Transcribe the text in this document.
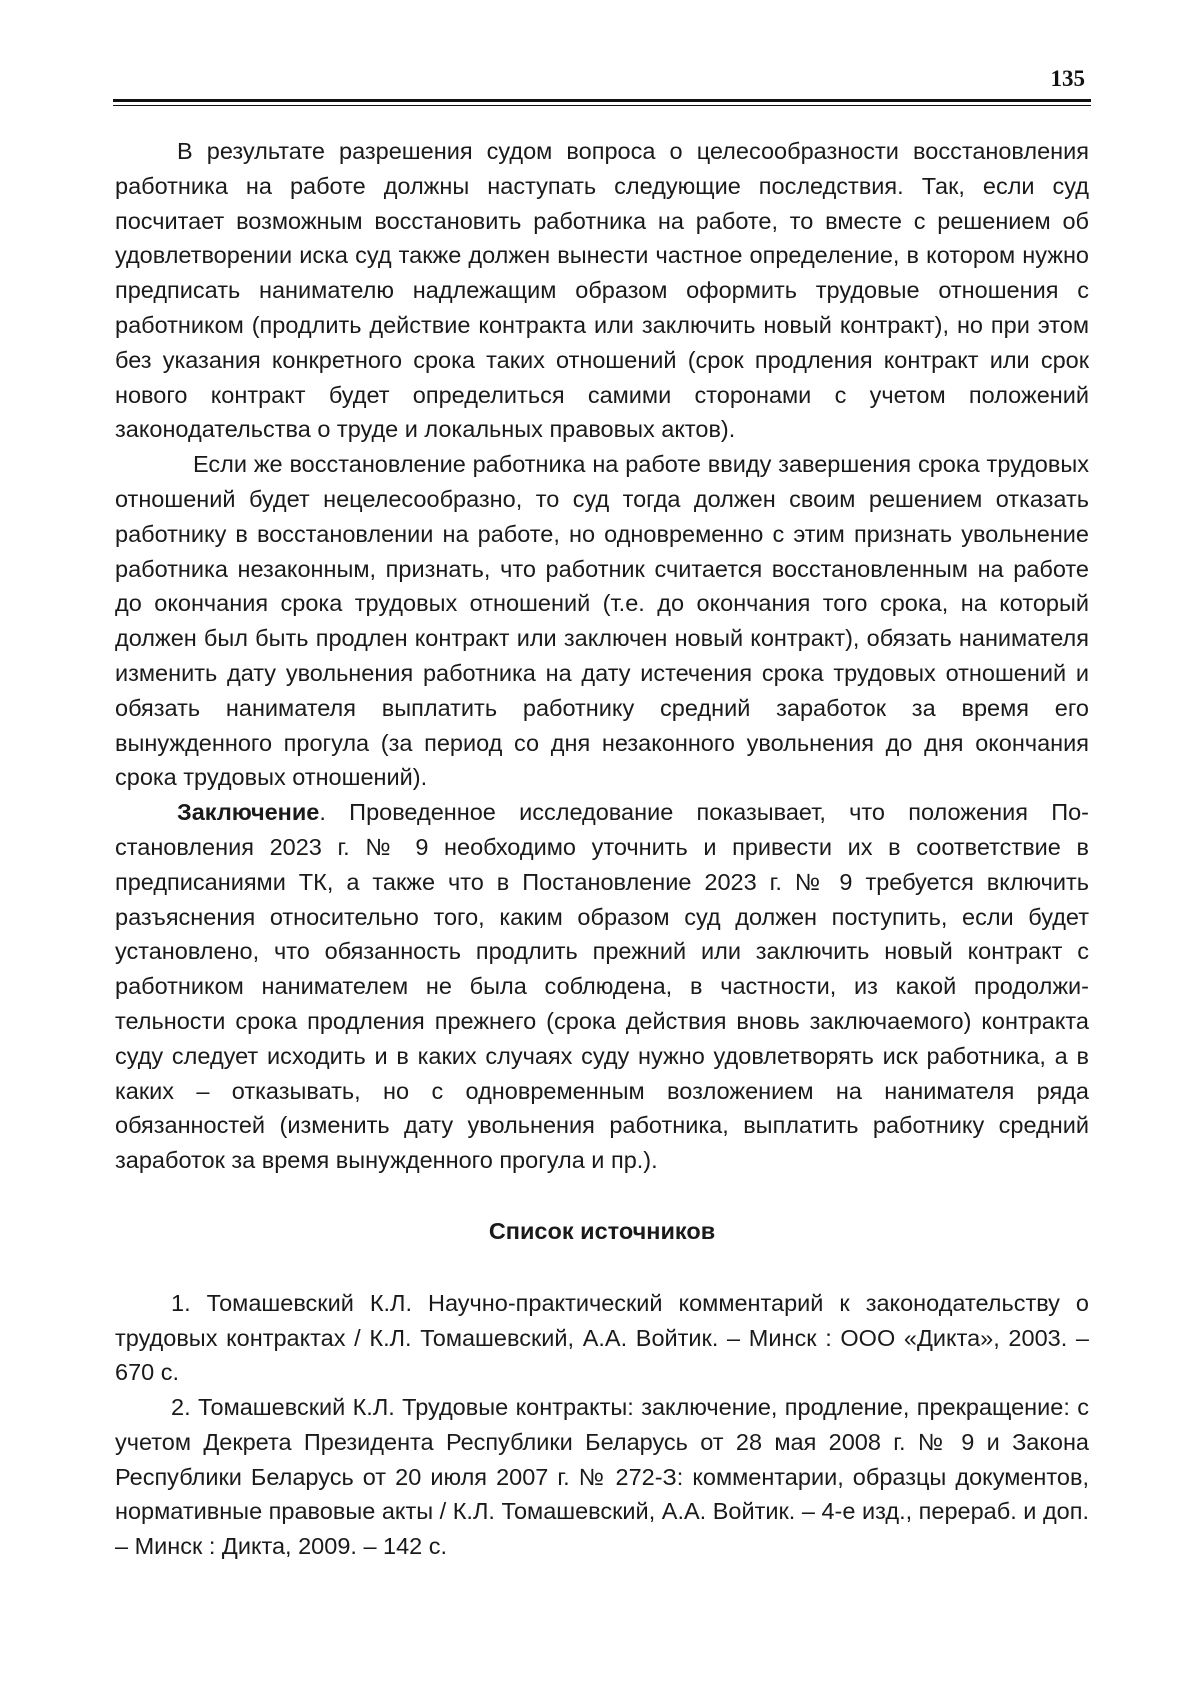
135

В результате разрешения судом вопроса о целесообразности восстановления работника на работе должны наступать следующие последствия. Так, если суд посчитает возможным восстановить работника на работе, то вместе с решением об удовлетворении иска суд также должен вынести частное определение, в котором нужно предписать нанимателю надлежащим образом оформить трудовые отношения с работником (продлить действие контракта или заключить новый контракт), но при этом без указания конкретного срока таких отношений (срок продления контракт или срок нового контракт будет определиться самими сторонами с учетом положений законодательства о труде и локальных правовых актов).

Если же восстановление работника на работе ввиду завершения срока трудовых отношений будет нецелесообразно, то суд тогда должен своим решением отказать работнику в восстановлении на работе, но одновременно с этим признать увольнение работника незаконным, признать, что работник считается восстановленным на работе до окончания срока трудовых отношений (т.е. до окончания того срока, на который должен был быть продлен контракт или заключен новый контракт), обязать нанимателя изменить дату увольнения работника на дату истечения срока трудовых отношений и обязать нанимателя выплатить работнику средний заработок за время его вынужденного прогула (за период со дня незаконного увольнения до дня окончания срока трудовых отношений).

Заключение. Проведенное исследование показывает, что положения Постановления 2023 г. № 9 необходимо уточнить и привести их в соответствие в предписаниями ТК, а также что в Постановление 2023 г. № 9 требуется включить разъяснения относительно того, каким образом суд должен поступить, если будет установлено, что обязанность продлить прежний или заключить новый контракт с работником нанимателем не была соблюдена, в частности, из какой продолжительности срока продления прежнего (срока действия вновь заключаемого) контракта суду следует исходить и в каких случаях суду нужно удовлетворять иск работника, а в каких – отказывать, но с одновременным возложением на нанимателя ряда обязанностей (изменить дату увольнения работника, выплатить работнику средний заработок за время вынужденного прогула и пр.).

Список источников

1. Томашевский К.Л. Научно-практический комментарий к законодательству о трудовых контрактах / К.Л. Томашевский, А.А. Войтик. – Минск : ООО «Дикта», 2003. – 670 с.

2. Томашевский К.Л. Трудовые контракты: заключение, продление, прекращение: с учетом Декрета Президента Республики Беларусь от 28 мая 2008 г. № 9 и Закона Республики Беларусь от 20 июля 2007 г. № 272-З: комментарии, образцы документов, нормативные правовые акты / К.Л. Томашевский, А.А. Войтик. – 4-е изд., перераб. и доп. – Минск : Дикта, 2009. – 142 с.
